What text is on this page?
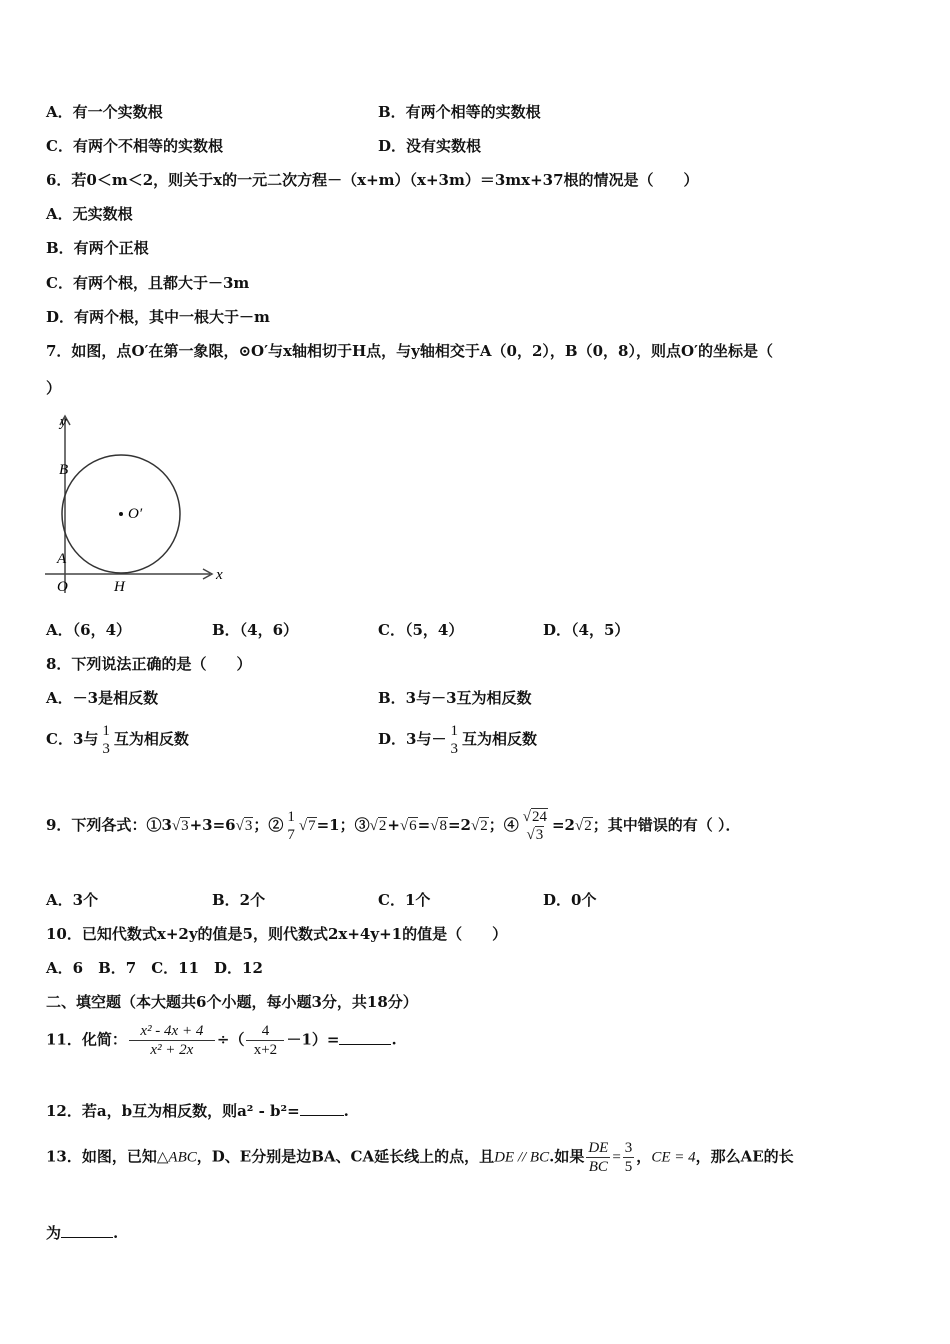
A．有一个实数根	B．有两个相等的实数根
C．有两个不相等的实数根	D．没有实数根
6．若0＜m＜2，则关于x的一元二次方程－（x+m）（x+3m）＝3mx+37根的情况是（　　）
A．无实数根
B．有两个正根
C．有两个根，且都大于－3m
D．有两个根，其中一根大于－m
7．如图，点O′在第一象限，⊙O′与x轴相切于H点，与y轴相交于A（0，2），B（0，8），则点O′的坐标是（
）
y
x
B
A
O	H
O′
A．（6，4）	B．（4，6）	C．（5，4）	D．（4，5）
8．下列说法正确的是（　　）
A．－3是相反数	B．3与－3互为相反数
C．3与 1
3
互为相反数	D．3与－ 1
3
互为相反数
9．下列各式：①3√3+3=6√3；② 1
7
√7=1；③√2+√6=√8=2√2；④ √24
√3
=2√2；其中错误的有（ ）．
A．3个	B．2个	C．1个	D．0个
10．已知代数式x+2y的值是5，则代数式2x+4y+1的值是（　　）
A．6　B．7　C．11　D．12
二、填空题（本大题共6个小题，每小题3分，共18分）
11．化简： $\frac{\text{x² - 4x + 4}}{\text{x² + 2x}}$ ÷（ $\frac{4}{x+2} -1)=$	.
12．若a，b互为相反数，则a² - b²=	.
13．如图，已知△ABC，D、E分别是边BA、CA延长线上的点，且DE // BC.如果 $\frac{DE}{BC} = \frac{3}{5}$ ，CE = 4，那么AE的长
为	.
